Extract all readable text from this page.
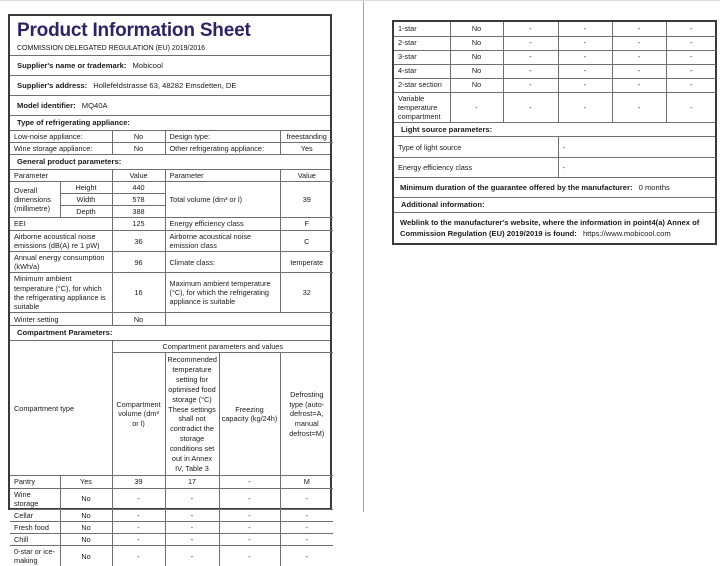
Product Information Sheet
COMMISSION DELEGATED REGULATION (EU) 2019/2016
Supplier's name or trademark: Mobicool
Supplier's address: Hollefeldstrasse 63, 48282 Emsdetten, DE
Model identifier: MQ40A
Type of refrigerating appliance:
Low-noise appliance:	No	Design type:	freestanding
Wine storage appliance:	No	Other refrigerating appliance:	Yes
General product parameters:
Parameter		Value	Parameter	Value
Overall dimensions (millimetre)	Height	440	Total volume (dm³ or l)	39
	Width	578		
	Depth	388		
EEI		125	Energy efficiency class	F
Airborne acoustical noise emissions (dB(A) re 1 pW)		36	Airborne acoustical noise emission class	C
Annual energy consumption (kWh/a)		96	Climate class:	temperate
Minimum ambient temperature (°C), for which the refrigerating appliance is suitable		16	Maximum ambient temperature (°C), for which the refrigerating appliance is suitable	32
Winter setting		No		
Compartment Parameters:
Compartment type		Compartment parameters and values			
		Compartment volume (dm³ or l)	Recommended temperature setting for optimised food storage (°C) These settings shall not contradict the storage conditions set out in Annex IV, Table 3	Freezing capacity (kg/24h)	Defrosting type (auto-defrost=A, manual defrost=M)
Pantry	Yes	39	17	-	M
Wine storage	No	-	-	-	-
Cellar	No	-	-	-	-
Fresh food	No	-	-	-	-
Chill	No	-	-	-	-
0-star or ice-making	No	-	-	-	-
1-star	No	-	-	-	-
2-star	No	-	-	-	-
3-star	No	-	-	-	-
4-star	No	-	-	-	-
2-star section	No	-	-	-	-
Variable temperature compartment	-	-	-	-	-
Light source parameters:
Type of light source	-
Energy efficiency class	-
Minimum duration of the guarantee offered by the manufacturer: 0 months
Additional information:
Weblink to the manufacturer's website, where the information in point4(a) Annex of Commission Regulation (EU) 2019/2019 is found: https://www.mobicool.com
